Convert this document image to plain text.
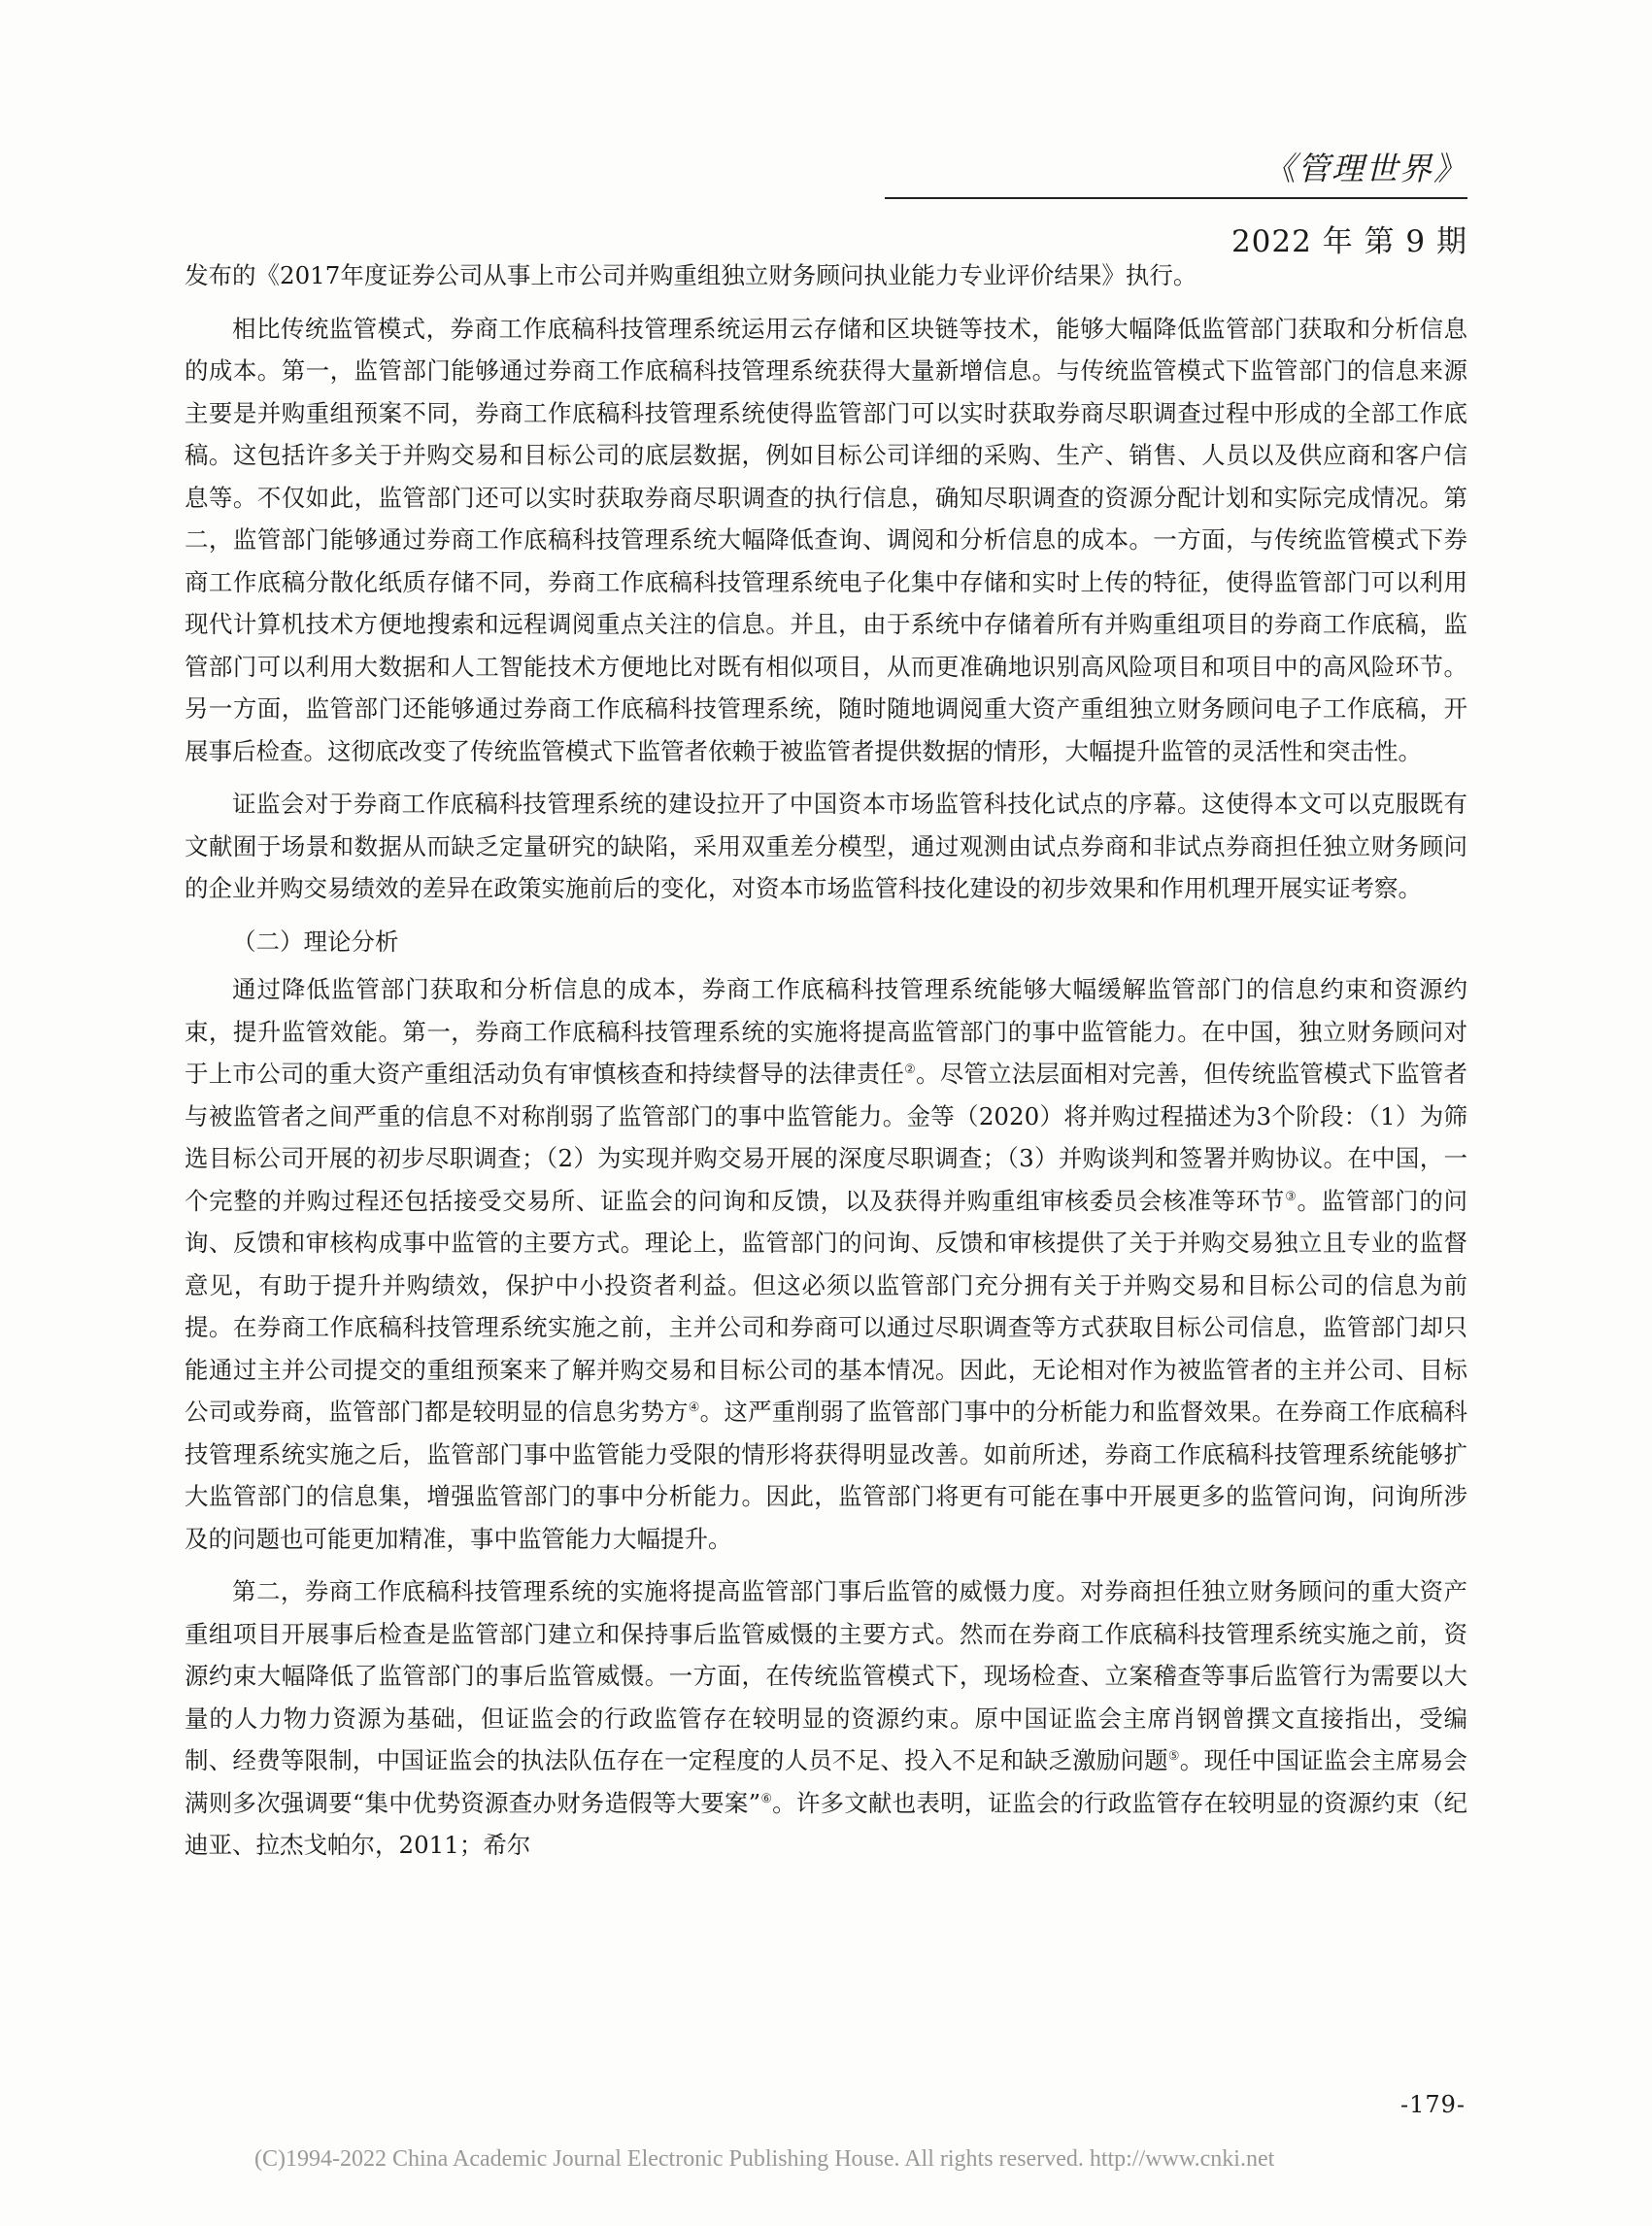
《管理世界》
2022 年 第 9 期

发布的《2017年度证券公司从事上市公司并购重组独立财务顾问执业能力专业评价结果》执行。

相比传统监管模式，券商工作底稿科技管理系统运用云存储和区块链等技术，能够大幅降低监管部门获取和分析信息的成本。第一，监管部门能够通过券商工作底稿科技管理系统获得大量新增信息。与传统监管模式下监管部门的信息来源主要是并购重组预案不同，券商工作底稿科技管理系统使得监管部门可以实时获取券商尽职调查过程中形成的全部工作底稿。这包括许多关于并购交易和目标公司的底层数据，例如目标公司详细的采购、生产、销售、人员以及供应商和客户信息等。不仅如此，监管部门还可以实时获取券商尽职调查的执行信息，确知尽职调查的资源分配计划和实际完成情况。第二，监管部门能够通过券商工作底稿科技管理系统大幅降低查询、调阅和分析信息的成本。一方面，与传统监管模式下券商工作底稿分散化纸质存储不同，券商工作底稿科技管理系统电子化集中存储和实时上传的特征，使得监管部门可以利用现代计算机技术方便地搜索和远程调阅重点关注的信息。并且，由于系统中存储着所有并购重组项目的券商工作底稿，监管部门可以利用大数据和人工智能技术方便地比对既有相似项目，从而更准确地识别高风险项目和项目中的高风险环节。另一方面，监管部门还能够通过券商工作底稿科技管理系统，随时随地调阅重大资产重组独立财务顾问电子工作底稿，开展事后检查。这彻底改变了传统监管模式下监管者依赖于被监管者提供数据的情形，大幅提升监管的灵活性和突击性。

证监会对于券商工作底稿科技管理系统的建设拉开了中国资本市场监管科技化试点的序幕。这使得本文可以克服既有文献囿于场景和数据从而缺乏定量研究的缺陷，采用双重差分模型，通过观测由试点券商和非试点券商担任独立财务顾问的企业并购交易绩效的差异在政策实施前后的变化，对资本市场监管科技化建设的初步效果和作用机理开展实证考察。

（二）理论分析

通过降低监管部门获取和分析信息的成本，券商工作底稿科技管理系统能够大幅缓解监管部门的信息约束和资源约束，提升监管效能。第一，券商工作底稿科技管理系统的实施将提高监管部门的事中监管能力。在中国，独立财务顾问对于上市公司的重大资产重组活动负有审慎核查和持续督导的法律责任②。尽管立法层面相对完善，但传统监管模式下监管者与被监管者之间严重的信息不对称削弱了监管部门的事中监管能力。金等（2020）将并购过程描述为3个阶段：（1）为筛选目标公司开展的初步尽职调查；（2）为实现并购交易开展的深度尽职调查；（3）并购谈判和签署并购协议。在中国，一个完整的并购过程还包括接受交易所、证监会的问询和反馈，以及获得并购重组审核委员会核准等环节③。监管部门的问询、反馈和审核构成事中监管的主要方式。理论上，监管部门的问询、反馈和审核提供了关于并购交易独立且专业的监督意见，有助于提升并购绩效，保护中小投资者利益。但这必须以监管部门充分拥有关于并购交易和目标公司的信息为前提。在券商工作底稿科技管理系统实施之前，主并公司和券商可以通过尽职调查等方式获取目标公司信息，监管部门却只能通过主并公司提交的重组预案来了解并购交易和目标公司的基本情况。因此，无论相对作为被监管者的主并公司、目标公司或券商，监管部门都是较明显的信息劣势方④。这严重削弱了监管部门事中的分析能力和监督效果。在券商工作底稿科技管理系统实施之后，监管部门事中监管能力受限的情形将获得明显改善。如前所述，券商工作底稿科技管理系统能够扩大监管部门的信息集，增强监管部门的事中分析能力。因此，监管部门将更有可能在事中开展更多的监管问询，问询所涉及的问题也可能更加精准，事中监管能力大幅提升。

第二，券商工作底稿科技管理系统的实施将提高监管部门事后监管的威慑力度。对券商担任独立财务顾问的重大资产重组项目开展事后检查是监管部门建立和保持事后监管威慑的主要方式。然而在券商工作底稿科技管理系统实施之前，资源约束大幅降低了监管部门的事后监管威慑。一方面，在传统监管模式下，现场检查、立案稽查等事后监管行为需要以大量的人力物力资源为基础，但证监会的行政监管存在较明显的资源约束。原中国证监会主席肖钢曾撰文直接指出，受编制、经费等限制，中国证监会的执法队伍存在一定程度的人员不足、投入不足和缺乏激励问题⑤。现任中国证监会主席易会满则多次强调要“集中优势资源查办财务造假等大要案”⑥。许多文献也表明，证监会的行政监管存在较明显的资源约束（纪迪亚、拉杰戈帕尔，2011；希尔

-179-
(C)1994-2022 China Academic Journal Electronic Publishing House. All rights reserved. http://www.cnki.net
